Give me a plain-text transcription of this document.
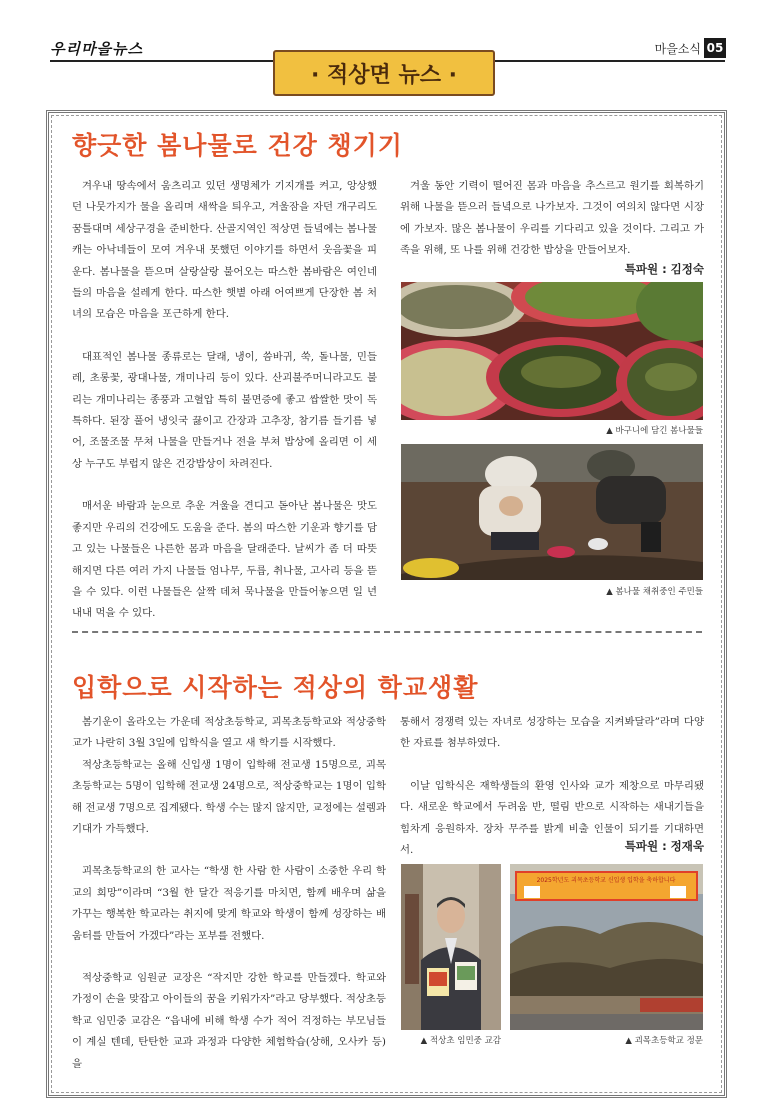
우리마을뉴스	마을소식 05
· 적상면 뉴스 ·
향긋한 봄나물로 건강 챙기기

겨우내 땅속에서 움츠리고 있던 생명체가 기지개를 켜고, 앙상했던 나뭇가지가 물을 올리며 새싹을 틔우고, 겨울잠을 자던 개구리도 꿈틀대며 세상구경을 준비한다. 산골지역인 적상면 들녘에는 봄나물 캐는 아낙네들이 모여 겨우내 못했던 이야기를 하면서 웃음꽃을 피운다. 봄나물을 뜯으며 살랑살랑 불어오는 따스한 봄바람은 여인네들의 마음을 설레게 한다. 따스한 햇볕 아래 어여쁘게 단장한 봄 처녀의 모습은 마음을 포근하게 한다.

대표적인 봄나물 종류로는 달래, 냉이, 씀바귀, 쑥, 돌나물, 민들레, 초롱꽃, 광대나물, 개미나리 등이 있다. 산괴불주머니라고도 불리는 개미나리는 종풍과 고혈압 특히 불면증에 좋고 쌉쌀한 맛이 독특하다. 된장 풀어 냉잇국 끓이고 간장과 고추장, 참기름 들기름 넣어, 조물조물 무쳐 나물을 만들거나 전을 부쳐 밥상에 올리면 이 세상 누구도 부럽지 않은 건강밥상이 차려진다.

매서운 바람과 눈으로 추운 겨울을 견디고 돋아난 봄나물은 맛도 좋지만 우리의 건강에도 도움을 준다. 봄의 따스한 기운과 향기를 담고 있는 나물들은 나른한 몸과 마음을 달래준다. 날씨가 좀 더 따뜻해지면 다른 여러 가지 나물들 엄나무, 두릅, 취나물, 고사리 등을 뜯을 수 있다. 이런 나물들은 살짝 데쳐 묵나물을 만들어놓으면 일 년 내내 먹을 수 있다.

겨울 동안 기력이 떨어진 몸과 마음을 추스르고 원기를 회복하기 위해 나물을 뜯으러 들녘으로 나가보자. 그것이 여의치 않다면 시장에 가보자. 많은 봄나물이 우리를 기다리고 있을 것이다. 그리고 가족을 위해, 또 나를 위해 건강한 밥상을 만들어보자.

특파원 : 김정숙
▲ 바구니에 담긴 봄나물들
▲ 봄나물 채취중인 주민들
입학으로 시작하는 적상의 학교생활

봄기운이 올라오는 가운데 적상초등학교, 괴목초등학교와 적상중학교가 나란히 3월 3일에 입학식을 열고 새 학기를 시작했다.

적상초등학교는 올해 신입생 1명이 입학해 전교생 15명으로, 괴목초등학교는 5명이 입학해 전교생 24명으로, 적상중학교는 1명이 입학해 전교생 7명으로 집계됐다. 학생 수는 많지 않지만, 교정에는 설렘과 기대가 가득했다.

괴목초등학교의 한 교사는 “학생 한 사람 한 사람이 소중한 우리 학교의 희망”이라며 “3월 한 달간 적응기를 마치면, 함께 배우며 삶을 가꾸는 행복한 학교라는 취지에 맞게 학교와 학생이 함께 성장하는 배움터를 만들어 가겠다”라는 포부를 전했다.

적상중학교 임원균 교장은 “작지만 강한 학교를 만들겠다. 학교와 가정이 손을 맞잡고 아이들의 꿈을 키워가자”라고 당부했다. 적상초등학교 임민중 교감은 “읍내에 비해 학생 수가 적어 걱정하는 부모님들이 계실 텐데, 탄탄한 교과 과정과 다양한 체험학습(상해, 오사카 등)을

통해서 경쟁력 있는 자녀로 성장하는 모습을 지켜봐달라”라며 다양한 자료를 첨부하였다.

이날 입학식은 재학생들의 환영 인사와 교가 제창으로 마무리됐다. 새로운 학교에서 두려움 반, 떨림 반으로 시작하는 새내기들을 힘차게 응원하자. 장차 무주를 밝게 비출 인물이 되기를 기대하면서.	특파원 : 정재욱
▲ 적상초 임민중 교감
2025학년도 괴목초등학교 신입생 입학을 축하합니다
▲ 괴목초등학교 정문
